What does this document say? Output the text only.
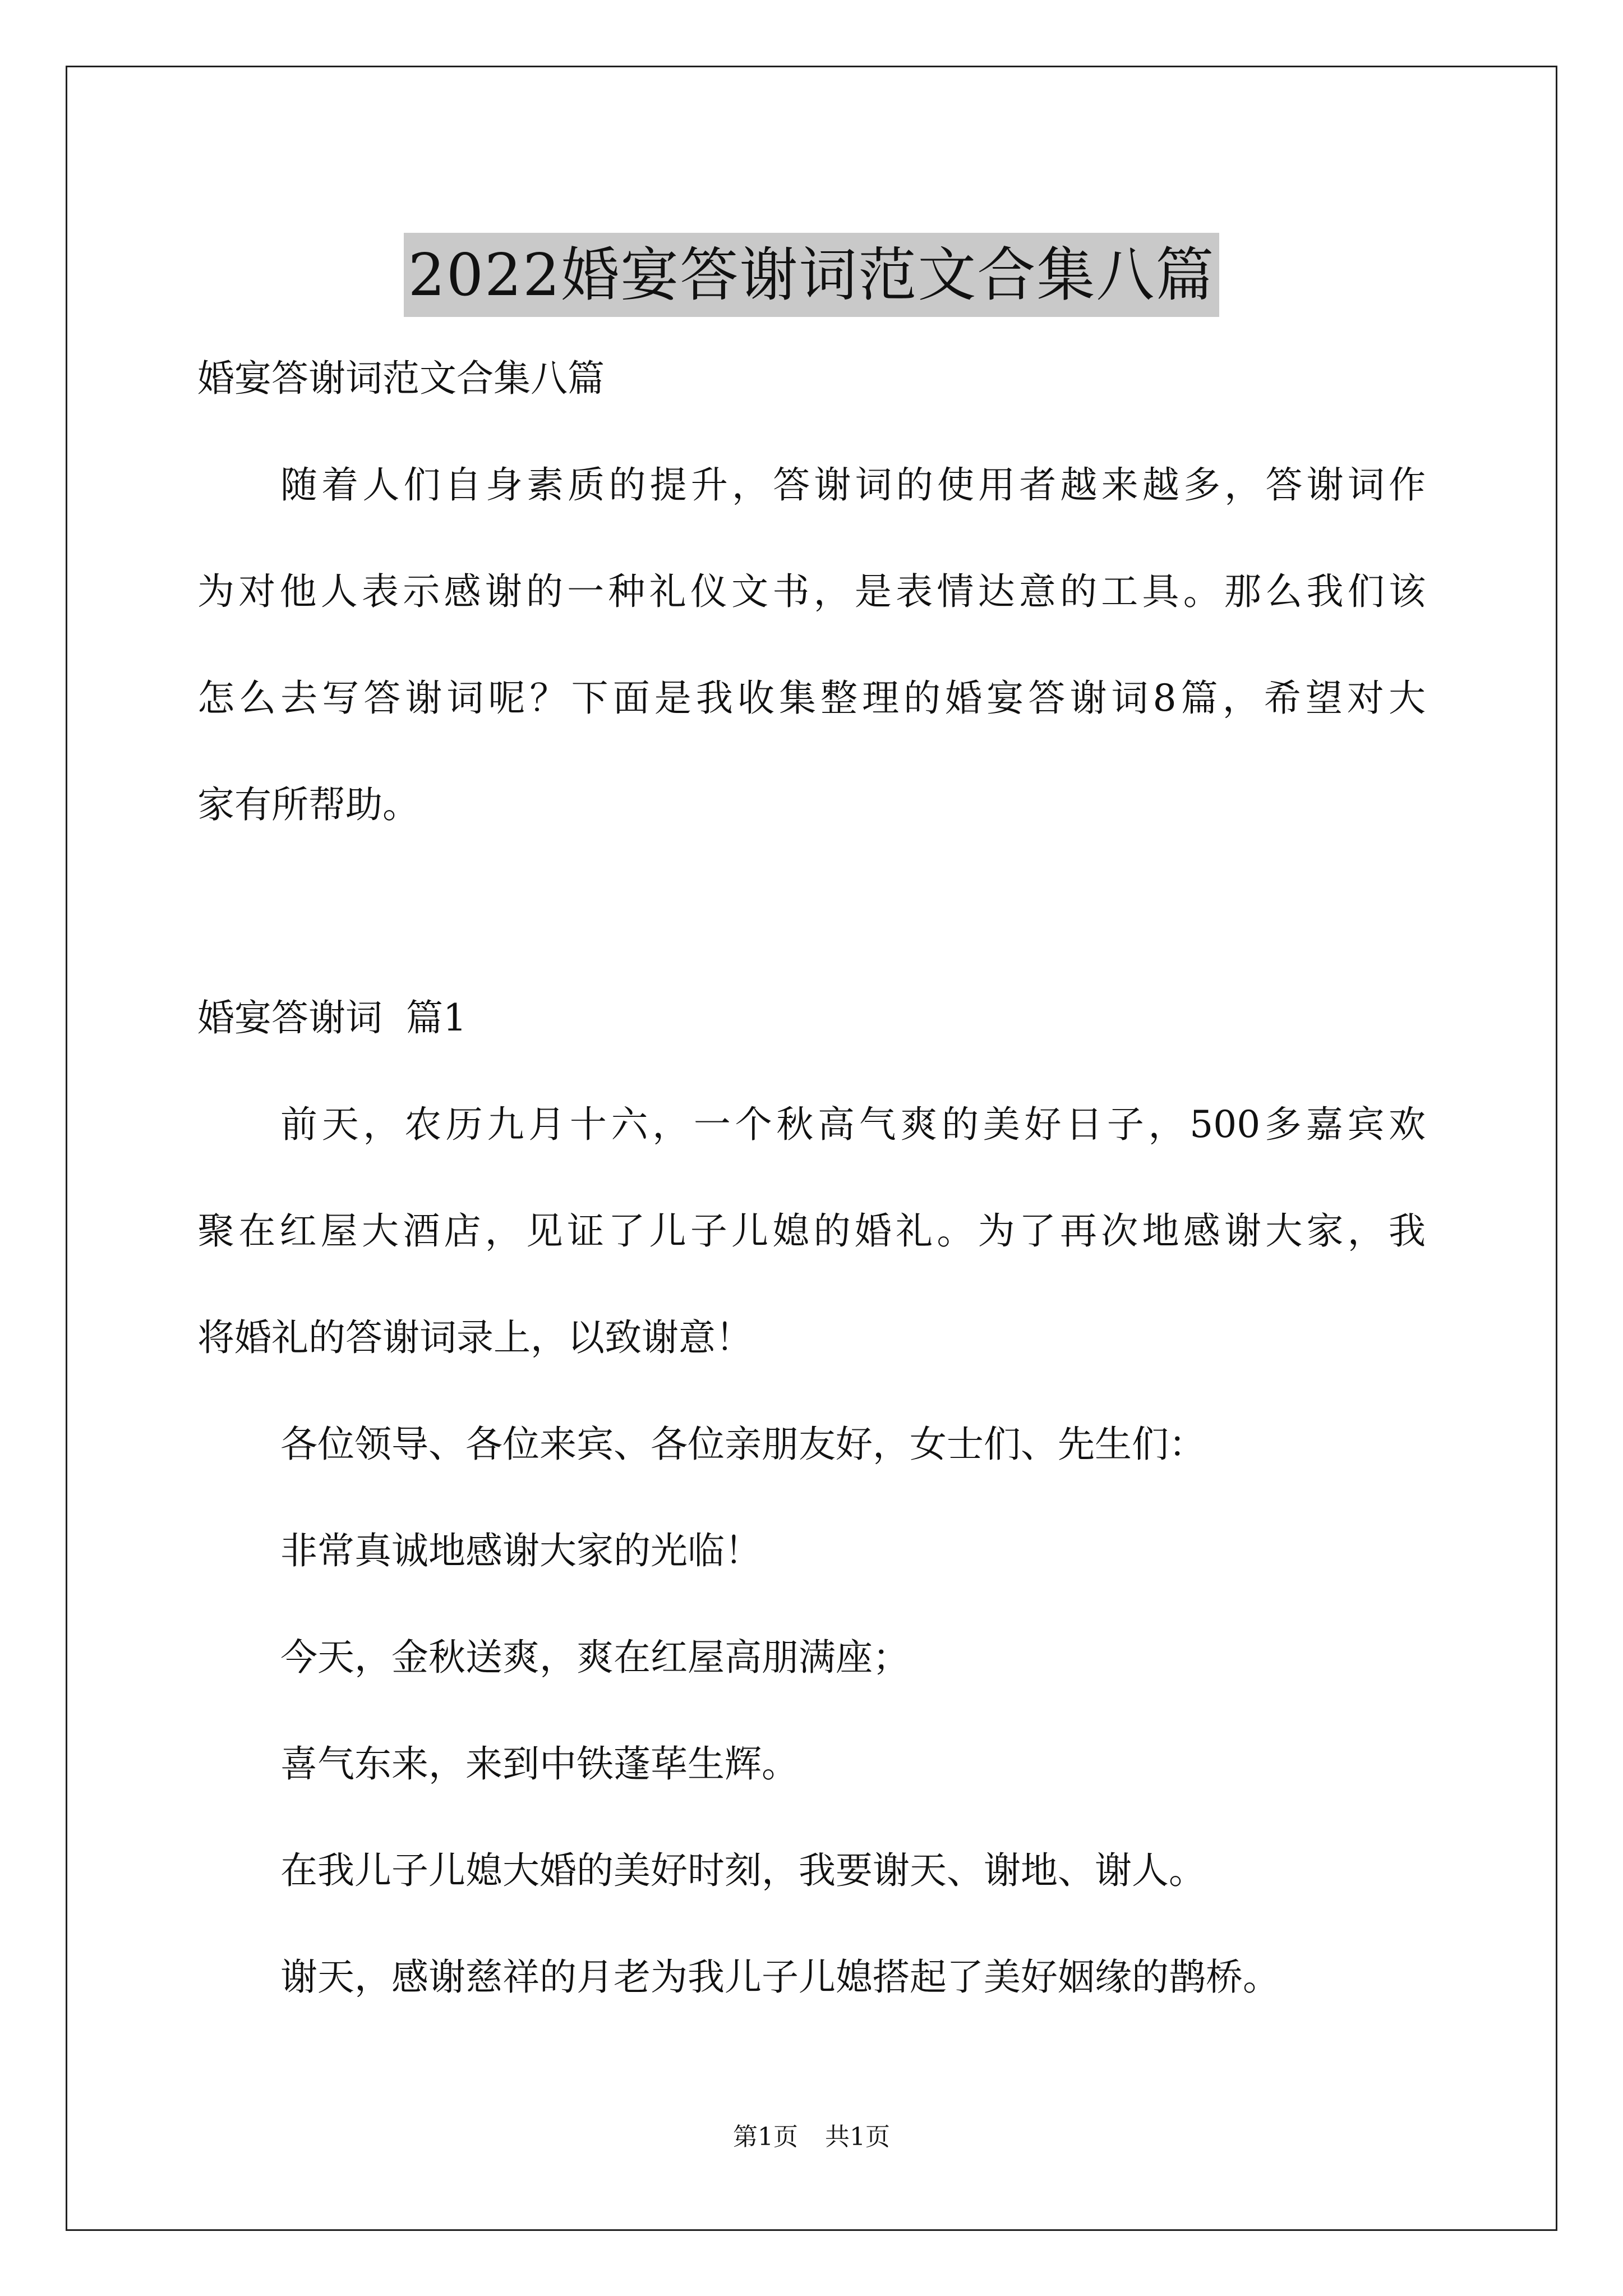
2022婚宴答谢词范文合集八篇
婚宴答谢词范文合集八篇
随着人们自身素质的提升，答谢词的使用者越来越多，答谢词作
为对他人表示感谢的一种礼仪文书，是表情达意的工具。那么我们该
怎么去写答谢词呢？下面是我收集整理的婚宴答谢词8篇，希望对大
家有所帮助。
婚宴答谢词  篇1
前天，农历九月十六，一个秋高气爽的美好日子，500多嘉宾欢
聚在红屋大酒店，见证了儿子儿媳的婚礼。为了再次地感谢大家，我
将婚礼的答谢词录上，以致谢意！
各位领导、各位来宾、各位亲朋友好，女士们、先生们：
非常真诚地感谢大家的光临！
今天，金秋送爽，爽在红屋高朋满座；
喜气东来，来到中铁蓬荜生辉。
在我儿子儿媳大婚的美好时刻，我要谢天、谢地、谢人。
谢天，感谢慈祥的月老为我儿子儿媳搭起了美好姻缘的鹊桥。
第1页  共1页
